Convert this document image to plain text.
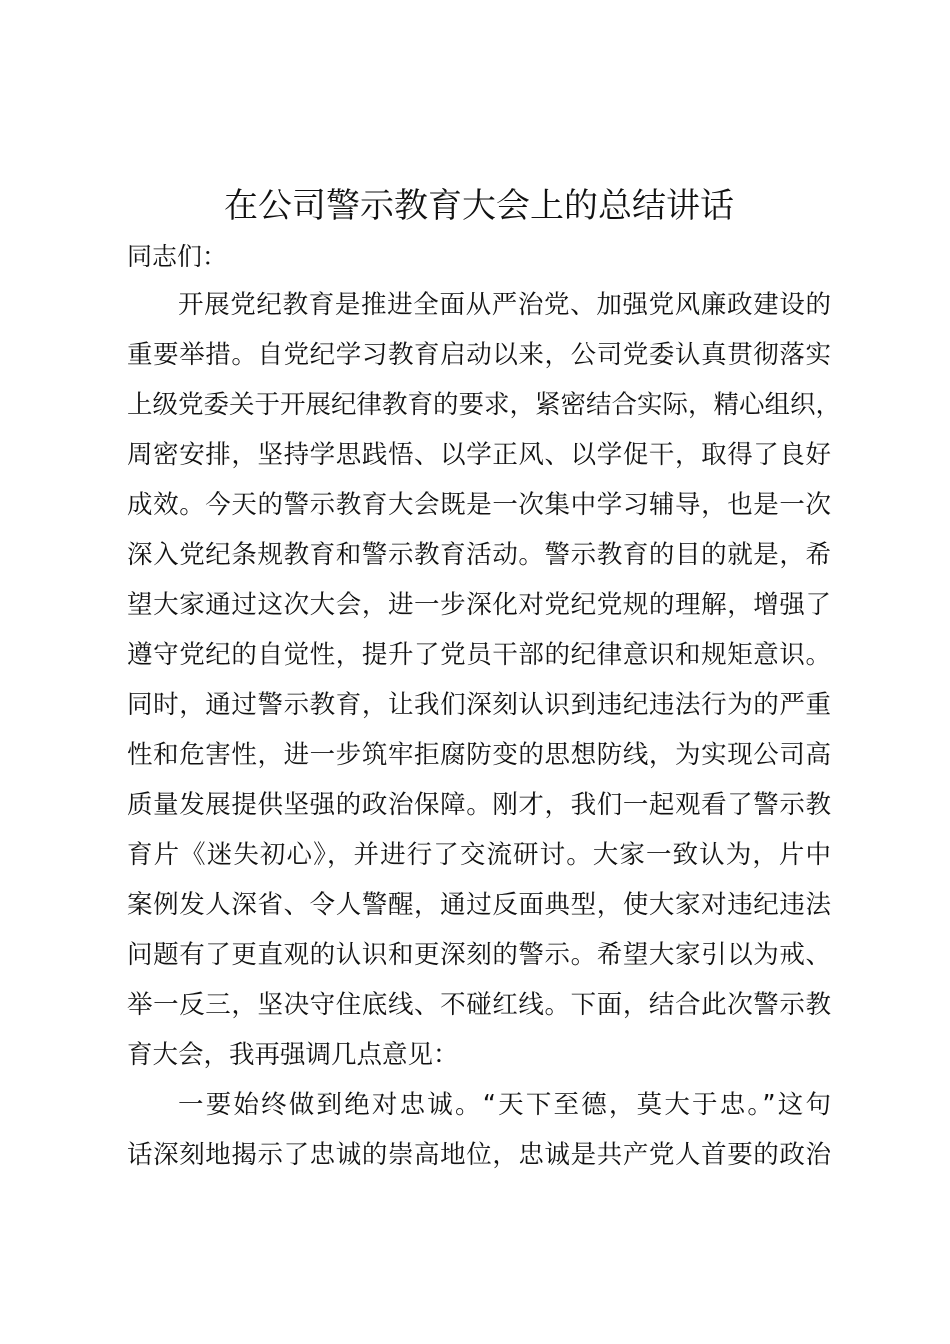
在公司警示教育大会上的总结讲话
同志们：
开展党纪教育是推进全面从严治党、加强党风廉政建设的
重要举措。自党纪学习教育启动以来，公司党委认真贯彻落实
上级党委关于开展纪律教育的要求，紧密结合实际，精心组织，
周密安排，坚持学思践悟、以学正风、以学促干，取得了良好
成效。今天的警示教育大会既是一次集中学习辅导，也是一次
深入党纪条规教育和警示教育活动。警示教育的目的就是，希
望大家通过这次大会，进一步深化对党纪党规的理解，增强了
遵守党纪的自觉性，提升了党员干部的纪律意识和规矩意识。
同时，通过警示教育，让我们深刻认识到违纪违法行为的严重
性和危害性，进一步筑牢拒腐防变的思想防线，为实现公司高
质量发展提供坚强的政治保障。刚才，我们一起观看了警示教
育片《迷失初心》，并进行了交流研讨。大家一致认为，片中
案例发人深省、令人警醒，通过反面典型，使大家对违纪违法
问题有了更直观的认识和更深刻的警示。希望大家引以为戒、
举一反三，坚决守住底线、不碰红线。下面，结合此次警示教
育大会，我再强调几点意见：
一要始终做到绝对忠诚。“天下至德，莫大于忠。”这句
话深刻地揭示了忠诚的崇高地位，忠诚是共产党人首要的政治
